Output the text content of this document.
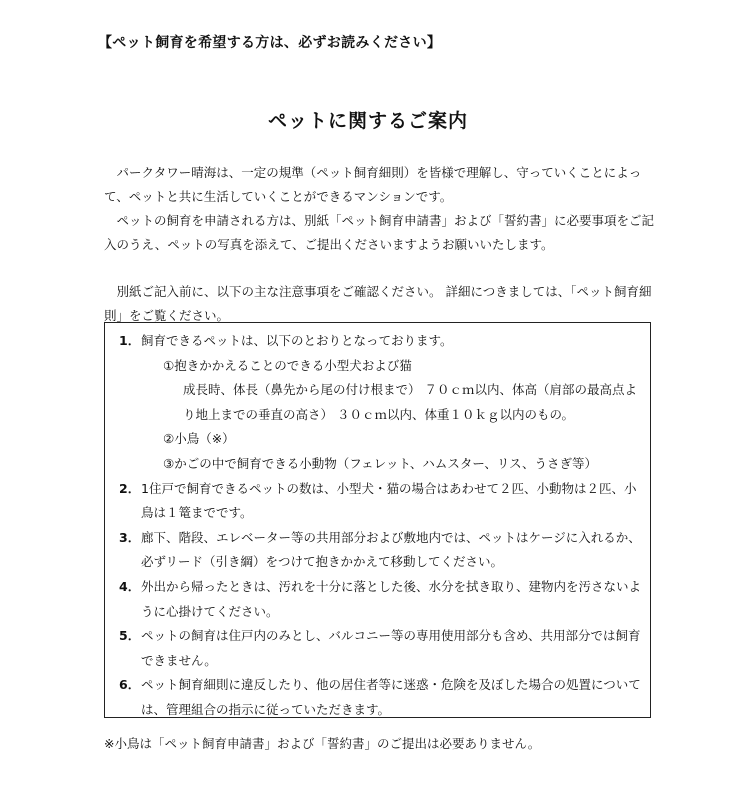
【ペット飼育を希望する方は、必ずお読みください】
ペットに関するご案内

パークタワー晴海は、一定の規準（ペット飼育細則）を皆様で理解し、守っていくことによって、ペットと共に生活していくことができるマンションです。

ペットの飼育を申請される方は、別紙「ペット飼育申請書」および「誓約書」に必要事項をご記入のうえ、ペットの写真を添えて、ご提出くださいますようお願いいたします。

別紙ご記入前に、以下の主な注意事項をご確認ください。 詳細につきましては、「ペット飼育細則」をご覧ください。

1． 飼育できるペットは、以下のとおりとなっております。
①抱きかかえることのできる小型犬および猫
成長時、体長（鼻先から尾の付け根まで） ７０ｃｍ以内、体高（肩部の最高点より地上までの垂直の高さ） ３０ｃｍ以内、体重１０ｋｇ以内のもの。
②小鳥（※）
③かごの中で飼育できる小動物（フェレット、ハムスター、リス、うさぎ等）
2． 1住戸で飼育できるペットの数は、小型犬・猫の場合はあわせて２匹、小動物は２匹、小鳥は１篭までです。
3． 廊下、階段、エレベーター等の共用部分および敷地内では、ペットはケージに入れるか、必ずリード（引き綱）をつけて抱きかかえて移動してください。
4． 外出から帰ったときは、汚れを十分に落とした後、水分を拭き取り、建物内を汚さないように心掛けてください。
5． ペットの飼育は住戸内のみとし、バルコニー等の専用使用部分も含め、共用部分では飼育できません。
6． ペット飼育細則に違反したり、他の居住者等に迷惑・危険を及ぼした場合の処置については、管理組合の指示に従っていただきます。
※小鳥は「ペット飼育申請書」および「誓約書」のご提出は必要ありません。
